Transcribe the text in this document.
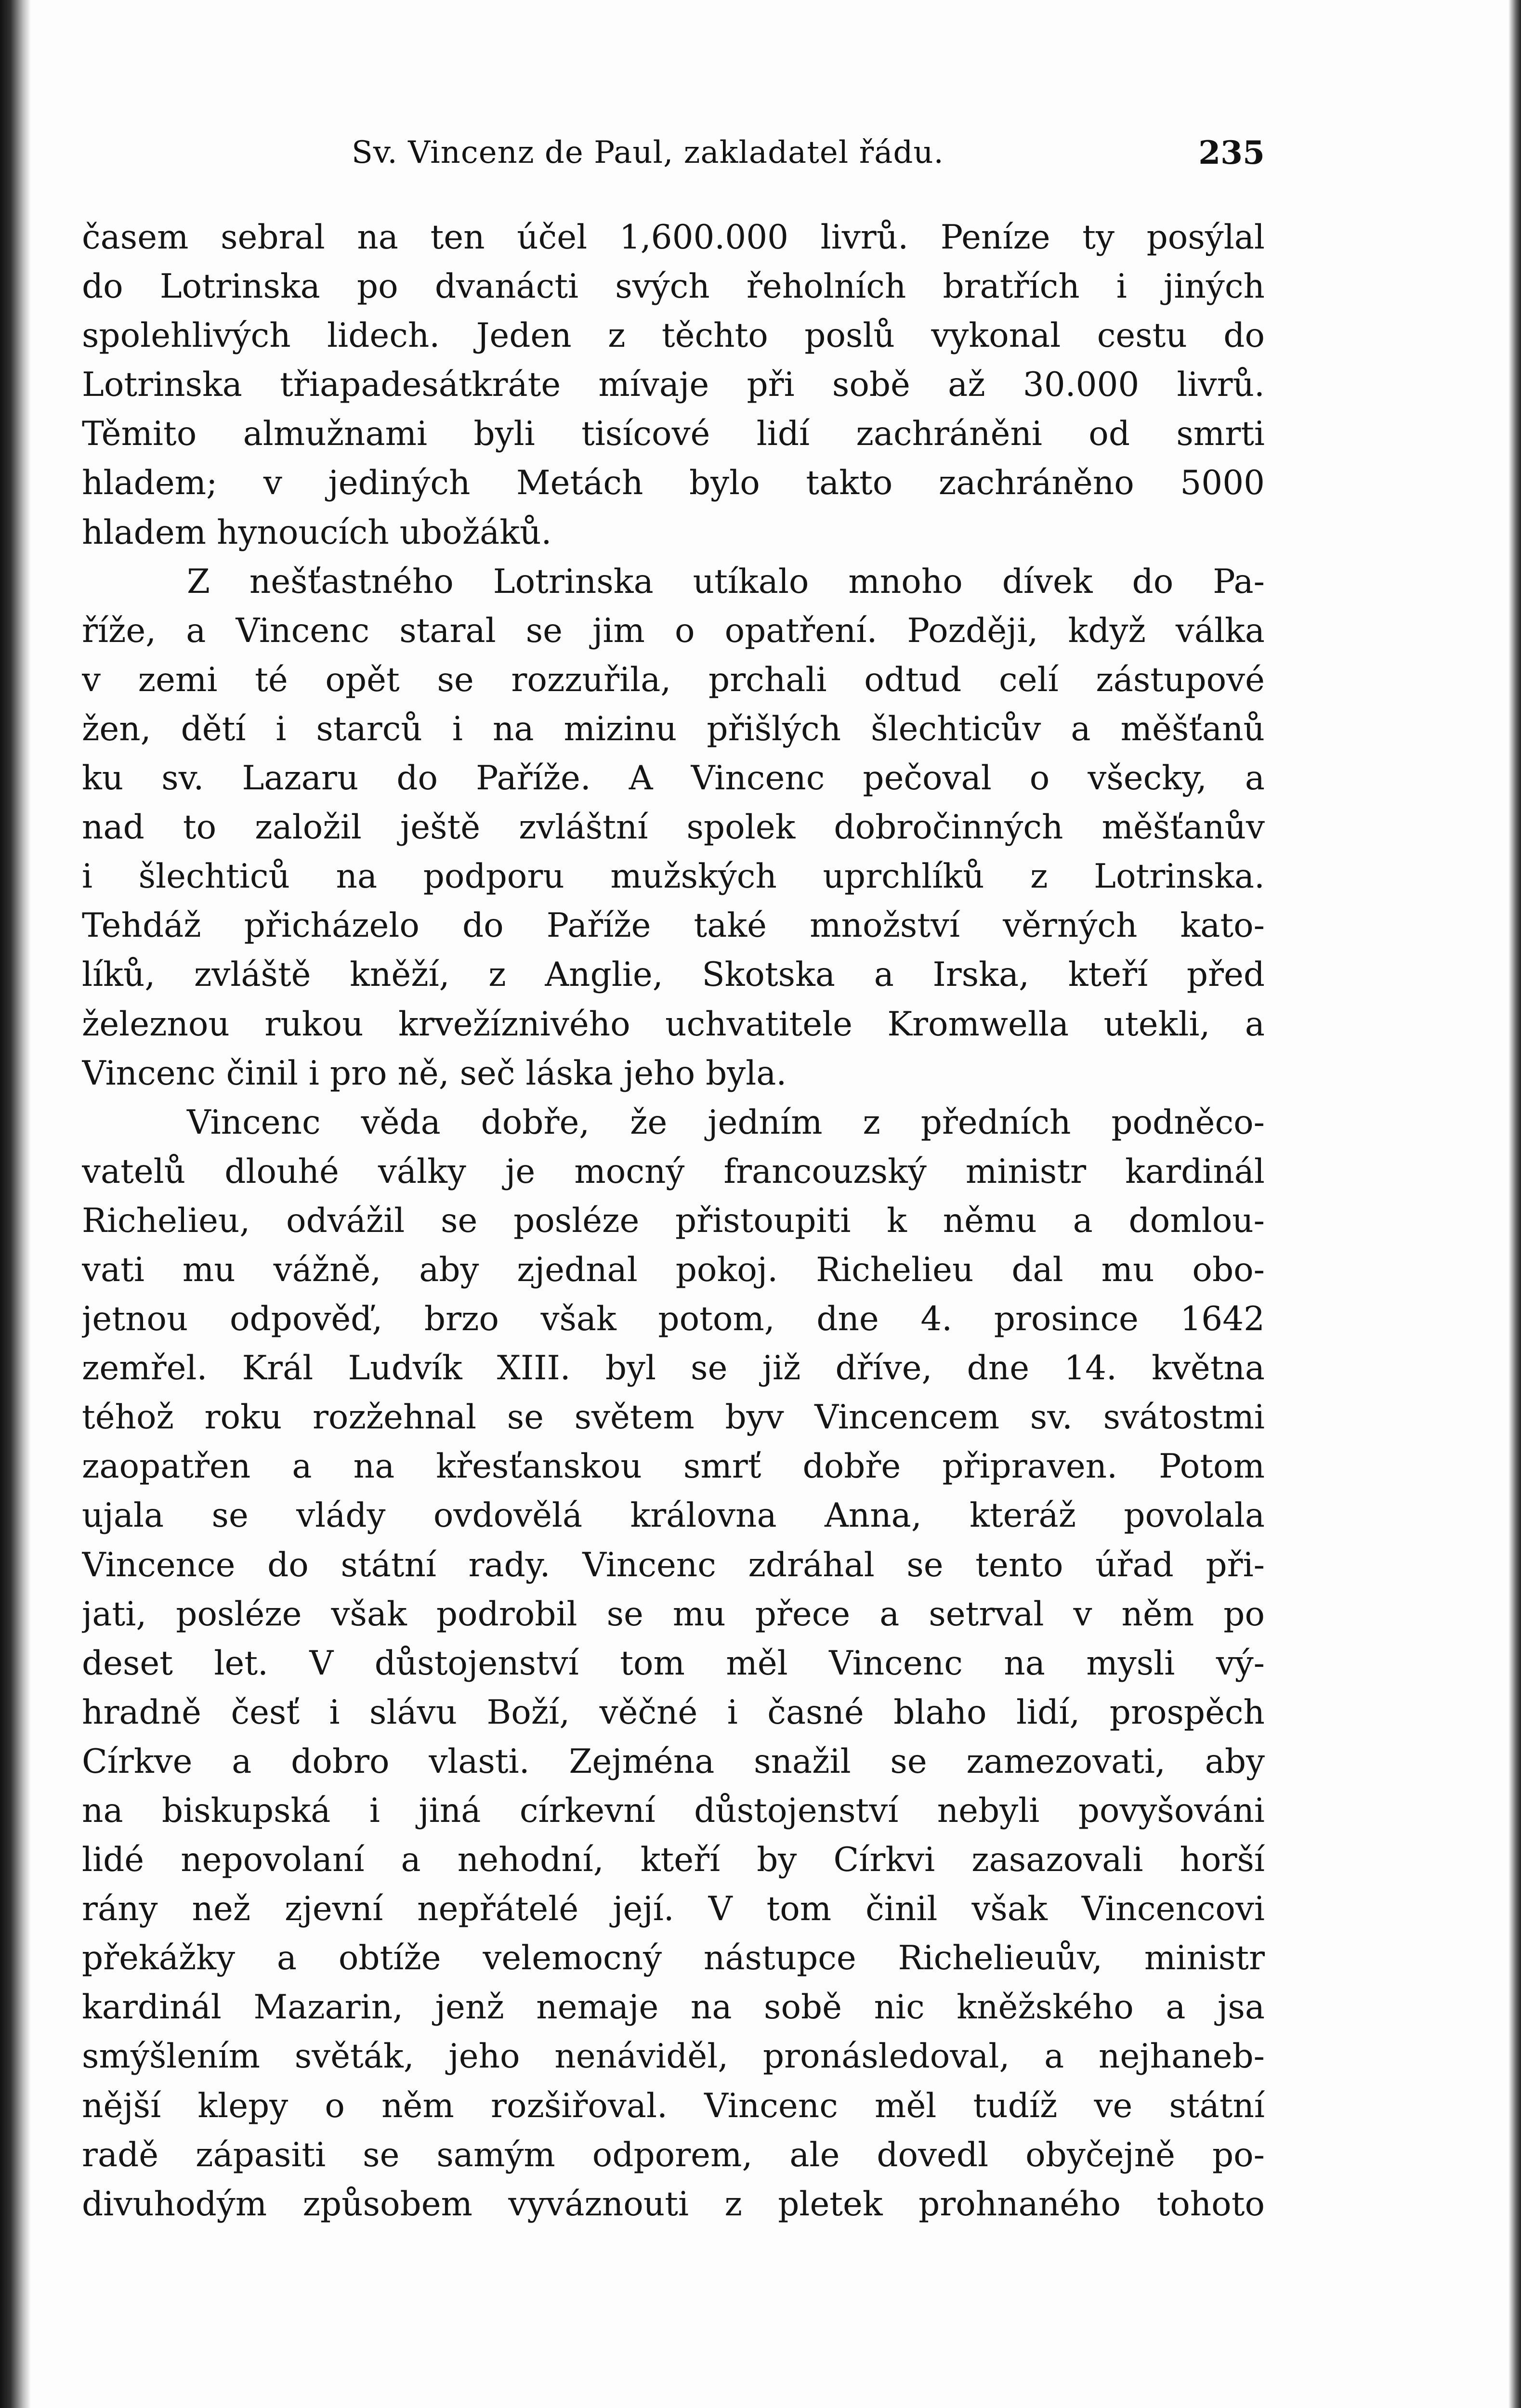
Sv. Vincenz de Paul, zakladatel řádu.	235
časem sebral na ten účel 1,600.000 livrů. Peníze ty posýlal
do Lotrinska po dvanácti svých řeholních bratřích i jiných
spolehlivých lidech. Jeden z těchto poslů vykonal cestu do
Lotrinska třiapadesátkráte mívaje při sobě až 30.000 livrů.
Těmito almužnami byli tisícové lidí zachráněni od smrti
hladem; v jediných Metách bylo takto zachráněno 5000
hladem hynoucích ubožáků.
Z nešťastného Lotrinska utíkalo mnoho dívek do Pa-
říže, a Vincenc staral se jim o opatření. Později, když válka
v zemi té opět se rozzuřila, prchali odtud celí zástupové
žen, dětí i starců i na mizinu přišlých šlechticův a měšťanů
ku sv. Lazaru do Paříže. A Vincenc pečoval o všecky, a
nad to založil ještě zvláštní spolek dobročinných měšťanův
i šlechticů na podporu mužských uprchlíků z Lotrinska.
Tehdáž přicházelo do Paříže také množství věrných kato-
líků, zvláště kněží, z Anglie, Skotska a Irska, kteří před
železnou rukou krvežíznivého uchvatitele Kromwella utekli, a
Vincenc činil i pro ně, seč láska jeho byla.
Vincenc věda dobře, že jedním z předních podněco-
vatelů dlouhé války je mocný francouzský ministr kardinál
Richelieu, odvážil se posléze přistoupiti k němu a domlou-
vati mu vážně, aby zjednal pokoj. Richelieu dal mu obo-
jetnou odpověď, brzo však potom, dne 4. prosince 1642
zemřel. Král Ludvík XIII. byl se již dříve, dne 14. května
téhož roku rozžehnal se světem byv Vincencem sv. svátostmi
zaopatřen a na křesťanskou smrť dobře připraven. Potom
ujala se vlády ovdovělá královna Anna, kteráž povolala
Vincence do státní rady. Vincenc zdráhal se tento úřad při-
jati, posléze však podrobil se mu přece a setrval v něm po
deset let. V důstojenství tom měl Vincenc na mysli vý-
hradně česť i slávu Boží, věčné i časné blaho lidí, prospěch
Církve a dobro vlasti. Zejména snažil se zamezovati, aby
na biskupská i jiná církevní důstojenství nebyli povyšováni
lidé nepovolaní a nehodní, kteří by Církvi zasazovali horší
rány než zjevní nepřátelé její. V tom činil však Vincencovi
překážky a obtíže velemocný nástupce Richelieuův, ministr
kardinál Mazarin, jenž nemaje na sobě nic kněžského a jsa
smýšlením světák, jeho nenáviděl, pronásledoval, a nejhaneb-
nější klepy o něm rozšiřoval. Vincenc měl tudíž ve státní
radě zápasiti se samým odporem, ale dovedl obyčejně po-
divuhodým způsobem vyváznouti z pletek prohnaného tohoto
